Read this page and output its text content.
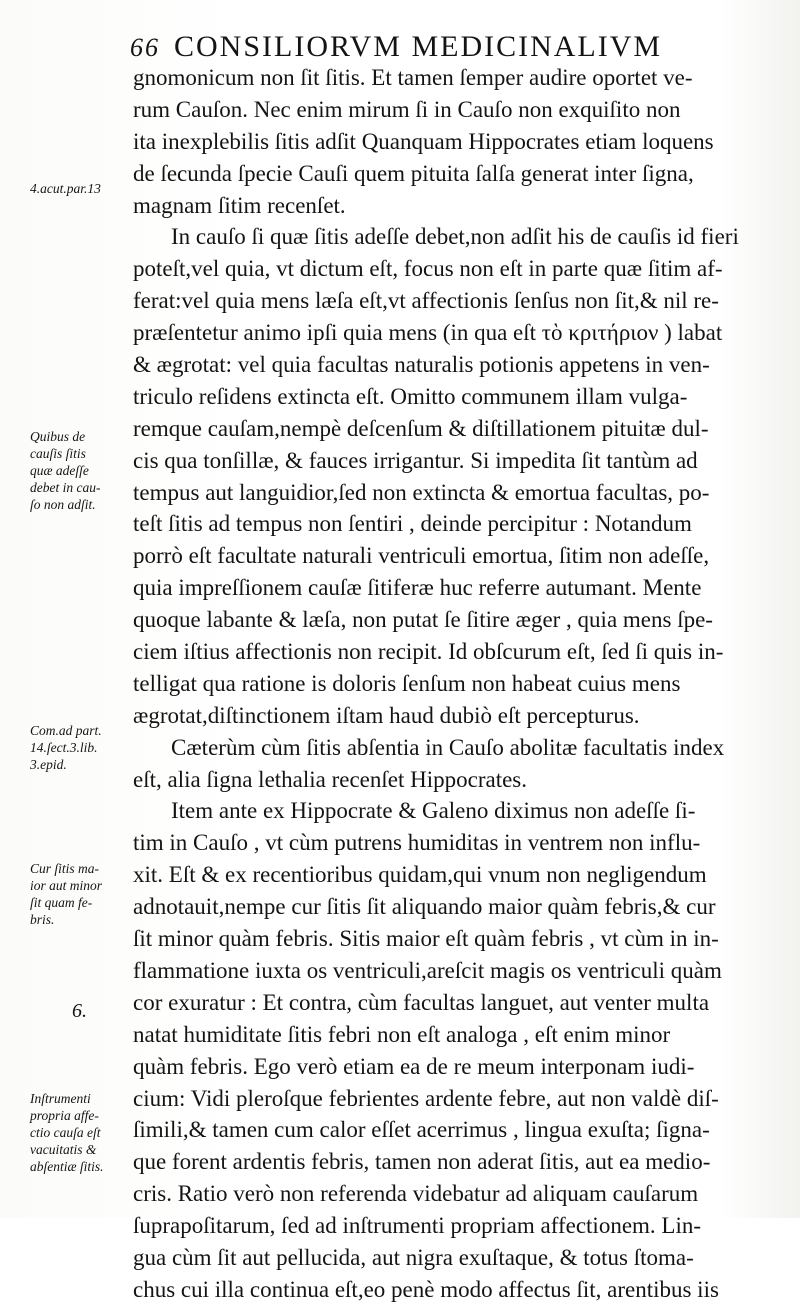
66 CONSILIORVM MEDICINALIVM
gnomonicum non ſit ſitis. Et tamen ſemper audire oportet ve-
rum Cauſon. Nec enim mirum ſi in Cauſo non exquiſito non
ita inexplebilis ſitis adſit Quanquam Hippocrates etiam loquens
de ſecunda ſpecie Cauſi quem pituita ſalſa generat inter ſigna,
magnam ſitim recenſet.
In cauſo ſi quæ ſitis adeſſe debet,non adſit his de cauſis id fieri
poteſt,vel quia, vt dictum eſt, focus non eſt in parte quæ ſitim af-
ferat:vel quia mens læſa eſt,vt affectionis ſenſus non ſit,& nil re-
præſentetur animo ipſi quia mens (in qua eſt τὸ κριτήριον ) labat
& ægrotat: vel quia facultas naturalis potionis appetens in ven-
triculo reſidens extincta eſt. Omitto communem illam vulga-
remque cauſam,nempè deſcenſum & diſtillationem pituitæ dul-
cis qua tonſillæ, & fauces irrigantur. Si impedita ſit tantùm ad
tempus aut languidior,ſed non extincta & emortua facultas, po-
teſt ſitis ad tempus non ſentiri , deinde percipitur : Notandum
porrò eſt facultate naturali ventriculi emortua, ſitim non adeſſe,
quia impreſſionem cauſæ ſitiferæ huc referre autumant. Mente
quoque labante & læſa, non putat ſe ſitire æger , quia mens ſpe-
ciem iſtius affectionis non recipit. Id obſcurum eſt, ſed ſi quis in-
telligat qua ratione is doloris ſenſum non habeat cuius mens
ægrotat,diſtinctionem iſtam haud dubiò eſt percepturus.
Cæterùm cùm ſitis abſentia in Cauſo abolitæ facultatis index
eſt, alia ſigna lethalia recenſet Hippocrates.
Item ante ex Hippocrate & Galeno diximus non adeſſe ſi-
tim in Cauſo , vt cùm putrens humiditas in ventrem non influ-
xit. Eſt & ex recentioribus quidam,qui vnum non negligendum
adnotauit,nempe cur ſitis ſit aliquando maior quàm febris,& cur
ſit minor quàm febris. Sitis maior eſt quàm febris , vt cùm in in-
flammatione iuxta os ventriculi,areſcit magis os ventriculi quàm
cor exuratur : Et contra, cùm facultas languet, aut venter multa
natat humiditate ſitis febri non eſt analoga , eſt enim minor
quàm febris. Ego verò etiam ea de re meum interponam iudi-
cium: Vidi pleroſque febrientes ardente febre, aut non valdè diſ-
ſimili,& tamen cum calor eſſet acerrimus , lingua exuſta; ſigna-
que forent ardentis febris, tamen non aderat ſitis, aut ea medio-
cris. Ratio verò non referenda videbatur ad aliquam cauſarum
ſuprapoſitarum, ſed ad inſtrumenti propriam affectionem. Lin-
gua cùm ſit aut pellucida, aut nigra exuſtaque, & totus ſtoma-
chus cui illa continua eſt,eo penè modo affectus ſit, arentibus iis
4.acut.par.13
Quibus de
cauſis ſitis
quæ adeſſe
debet in cau-
ſo non adſit.
Com.ad part.
14.ſect.3.lib.
3.epid.
Cur ſitis ma-
ior aut minor
ſit quam fe-
bris.
6.
Inſtrumenti
propria affe-
ctio cauſa eſt
vacuitatis &
abſentiæ ſitis.
